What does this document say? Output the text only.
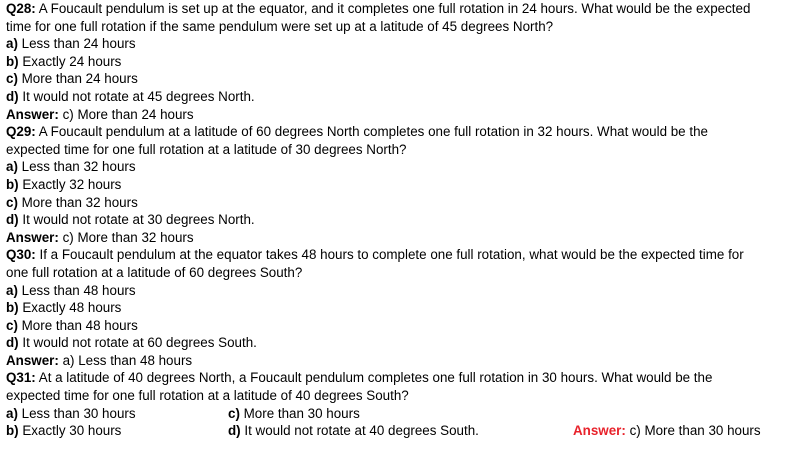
Q28: A Foucault pendulum is set up at the equator, and it completes one full rotation in 24 hours. What would be the expected
time for one full rotation if the same pendulum were set up at a latitude of 45 degrees North?
a) Less than 24 hours
b) Exactly 24 hours
c) More than 24 hours
d) It would not rotate at 45 degrees North.
Answer: c) More than 24 hours
Q29: A Foucault pendulum at a latitude of 60 degrees North completes one full rotation in 32 hours. What would be the
expected time for one full rotation at a latitude of 30 degrees North?
a) Less than 32 hours
b) Exactly 32 hours
c) More than 32 hours
d) It would not rotate at 30 degrees North.
Answer: c) More than 32 hours
Q30: If a Foucault pendulum at the equator takes 48 hours to complete one full rotation, what would be the expected time for
one full rotation at a latitude of 60 degrees South?
a) Less than 48 hours
b) Exactly 48 hours
c) More than 48 hours
d) It would not rotate at 60 degrees South.
Answer: a) Less than 48 hours
Q31: At a latitude of 40 degrees North, a Foucault pendulum completes one full rotation in 30 hours. What would be the
expected time for one full rotation at a latitude of 40 degrees South?
a) Less than 30 hours	c) More than 30 hours
b) Exactly 30 hours	d) It would not rotate at 40 degrees South.	Answer: c) More than 30 hours
